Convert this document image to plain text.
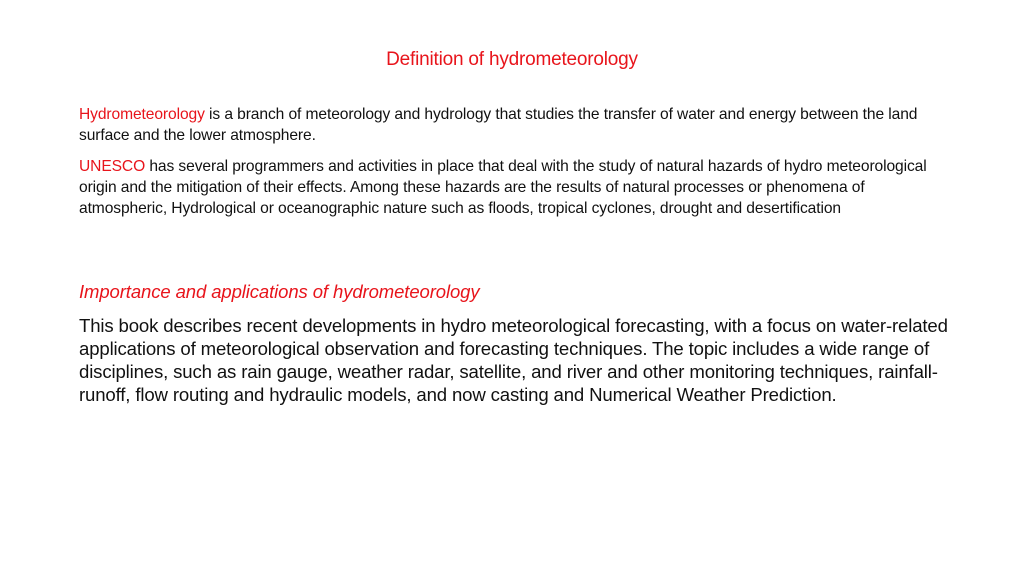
Definition of hydrometeorology
Hydrometeorology is a branch of meteorology and hydrology that studies the transfer of water and energy between the land surface and the lower atmosphere.
UNESCO has several programmers and activities in place that deal with the study of natural hazards of hydro meteorological origin and the mitigation of their effects. Among these hazards are the results of natural processes or phenomena of atmospheric, Hydrological or oceanographic nature such as floods, tropical cyclones, drought and desertification
Importance and applications of hydrometeorology
This book describes recent developments in hydro meteorological forecasting, with a focus on water-related applications of meteorological observation and forecasting techniques. The topic includes a wide range of disciplines, such as rain gauge, weather radar, satellite, and river and other monitoring techniques, rainfall-runoff, flow routing and hydraulic models, and now casting and Numerical Weather Prediction.
